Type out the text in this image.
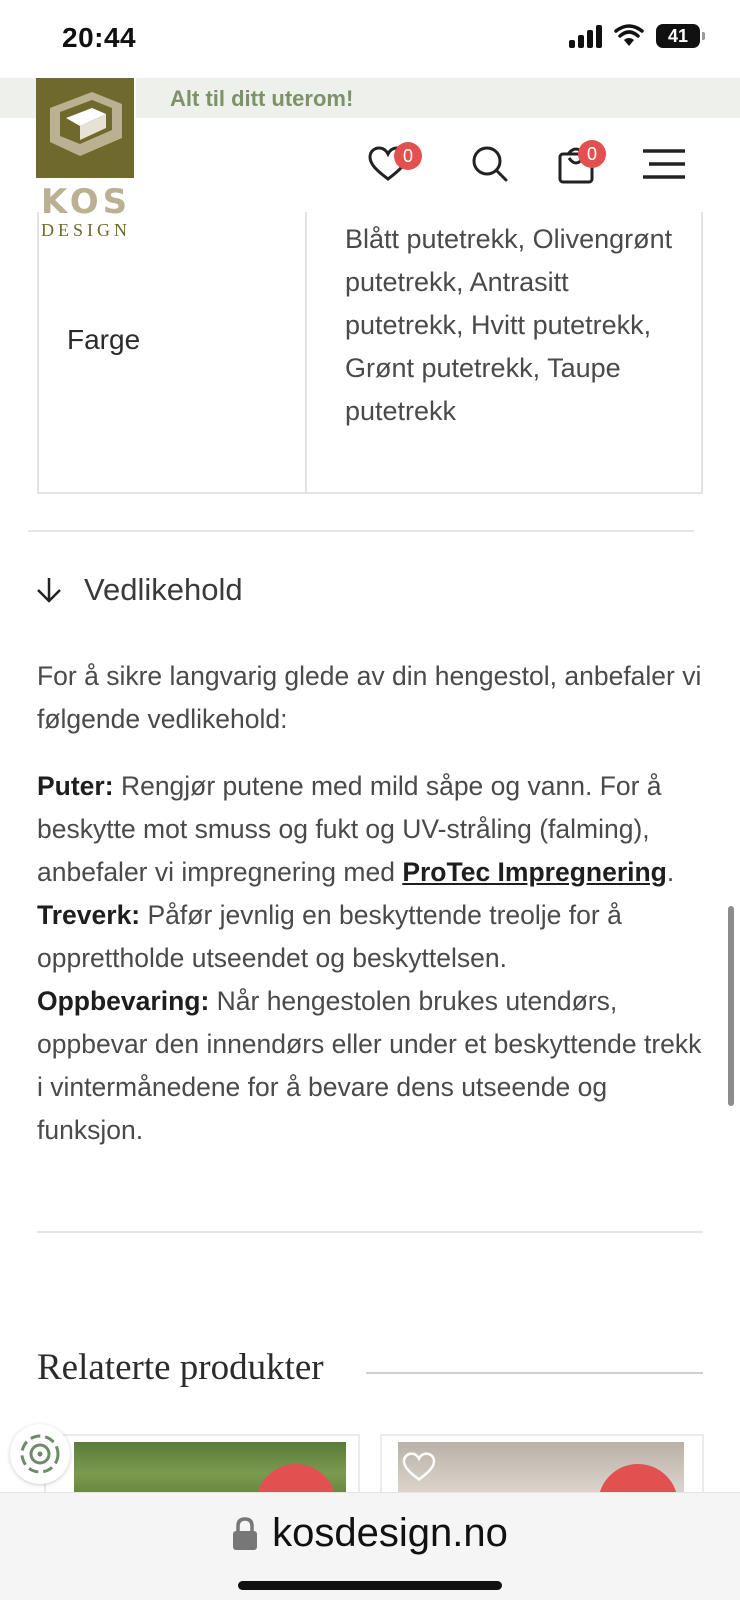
20:44	41
Alt til ditt uterom!
KOS
DESIGN
0	0
Farge
Blått putetrekk, Olivengrønt putetrekk, Antrasitt putetrekk, Hvitt putetrekk, Grønt putetrekk, Taupe putetrekk
Vedlikehold
For å sikre langvarig glede av din hengestol, anbefaler vi følgende vedlikehold:
Puter: Rengjør putene med mild såpe og vann. For å beskytte mot smuss og fukt og UV-stråling (falming), anbefaler vi impregnering med ProTec Impregnering.
Treverk: Påfør jevnlig en beskyttende treolje for å opprettholde utseendet og beskyttelsen.
Oppbevaring: Når hengestolen brukes utendørs, oppbevar den innendørs eller under et beskyttende trekk i vintermånedene for å bevare dens utseende og funksjon.
Relaterte produkter
kosdesign.no
